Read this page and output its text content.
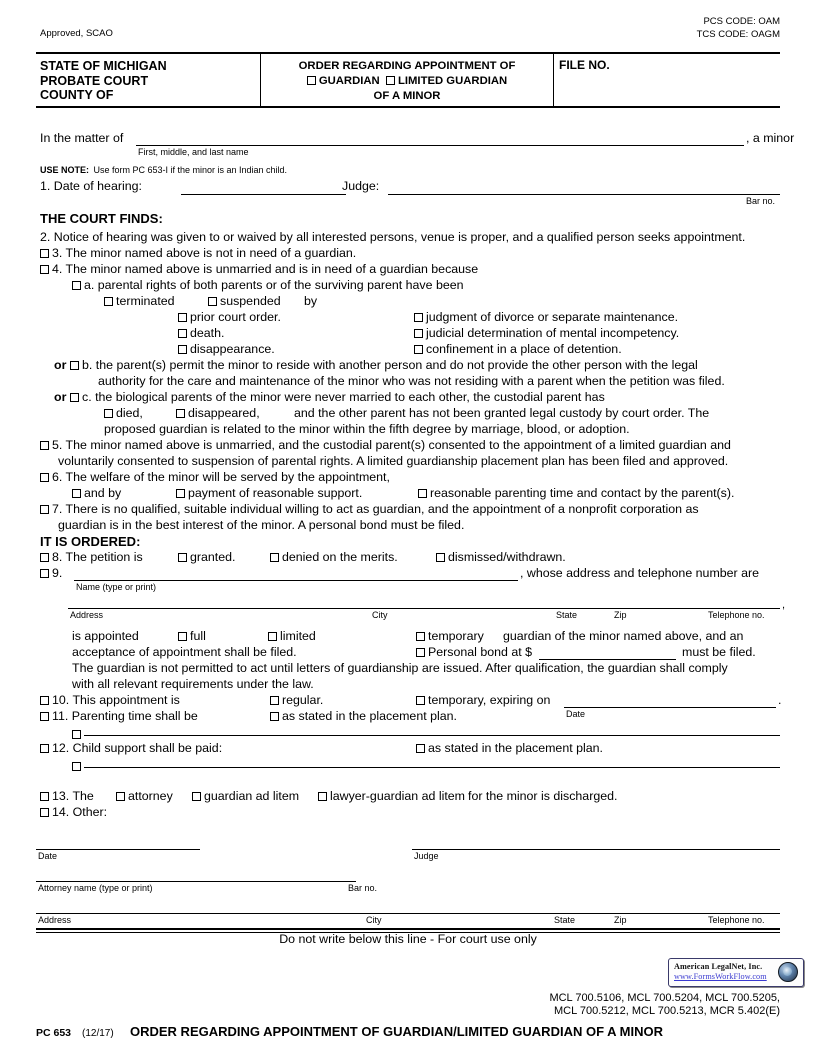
PCS CODE: OAM
TCS CODE: OAGM
Approved, SCAO
STATE OF MICHIGAN
PROBATE COURT
COUNTY OF
ORDER REGARDING APPOINTMENT OF
GUARDIAN LIMITED GUARDIAN
OF A MINOR
FILE NO.
In the matter of
First, middle, and last name
, a minor
USE NOTE: Use form PC 653-I if the minor is an Indian child.
1. Date of hearing:	Judge:
Bar no.
THE COURT FINDS:
2. Notice of hearing was given to or waived by all interested persons, venue is proper, and a qualified person seeks appointment.
3. The minor named above is not in need of a guardian.
4. The minor named above is unmarried and is in need of a guardian because
a. parental rights of both parents or of the surviving parent have been
terminated	suspended by
prior court order.
death.
disappearance.
judgment of divorce or separate maintenance.
judicial determination of mental incompetency.
confinement in a place of detention.
or	b. the parent(s) permit the minor to reside with another person and do not provide the other person with the legal
authority for the care and maintenance of the minor who was not residing with a parent when the petition was filed.
or	c. the biological parents of the minor were never married to each other, the custodial parent has
died,	disappeared,	and the other parent has not been granted legal custody by court order. The
proposed guardian is related to the minor within the fifth degree by marriage, blood, or adoption.
5. The minor named above is unmarried, and the custodial parent(s) consented to the appointment of a limited guardian and
voluntarily consented to suspension of parental rights. A limited guardianship placement plan has been filed and approved.
6. The welfare of the minor will be served by the appointment,
and by	payment of reasonable support.	reasonable parenting time and contact by the parent(s).
7. There is no qualified, suitable individual willing to act as guardian, and the appointment of a nonprofit corporation as
guardian is in the best interest of the minor. A personal bond must be filed.
IT IS ORDERED:
8. The petition is	granted.	denied on the merits.	dismissed/withdrawn.
9.
Name (type or print)
, whose address and telephone number are
,
Address	City	State	Zip	Telephone no.
is appointed	full	limited	temporary guardian of the minor named above, and an
acceptance of appointment shall be filed.	Personal bond at $	must be filed.
The guardian is not permitted to act until letters of guardianship are issued. After qualification, the guardian shall comply
with all relevant requirements under the law.
10. This appointment is	regular.	temporary, expiring on
Date
.
11. Parenting time shall be	as stated in the placement plan.
12. Child support shall be paid:	as stated in the placement plan.
13. The	attorney	guardian ad litem	lawyer-guardian ad litem for the minor is discharged.
14. Other:
Date	Judge
Attorney name (type or print)	Bar no.
Address	City	State	Zip	Telephone no.
Do not write below this line - For court use only
MCL 700.5106, MCL 700.5204, MCL 700.5205,
MCL 700.5212, MCL 700.5213, MCR 5.402(E)
PC 653 (12/17) ORDER REGARDING APPOINTMENT OF GUARDIAN/LIMITED GUARDIAN OF A MINOR
American LegalNet, Inc.
www.FormsWorkFlow.com
